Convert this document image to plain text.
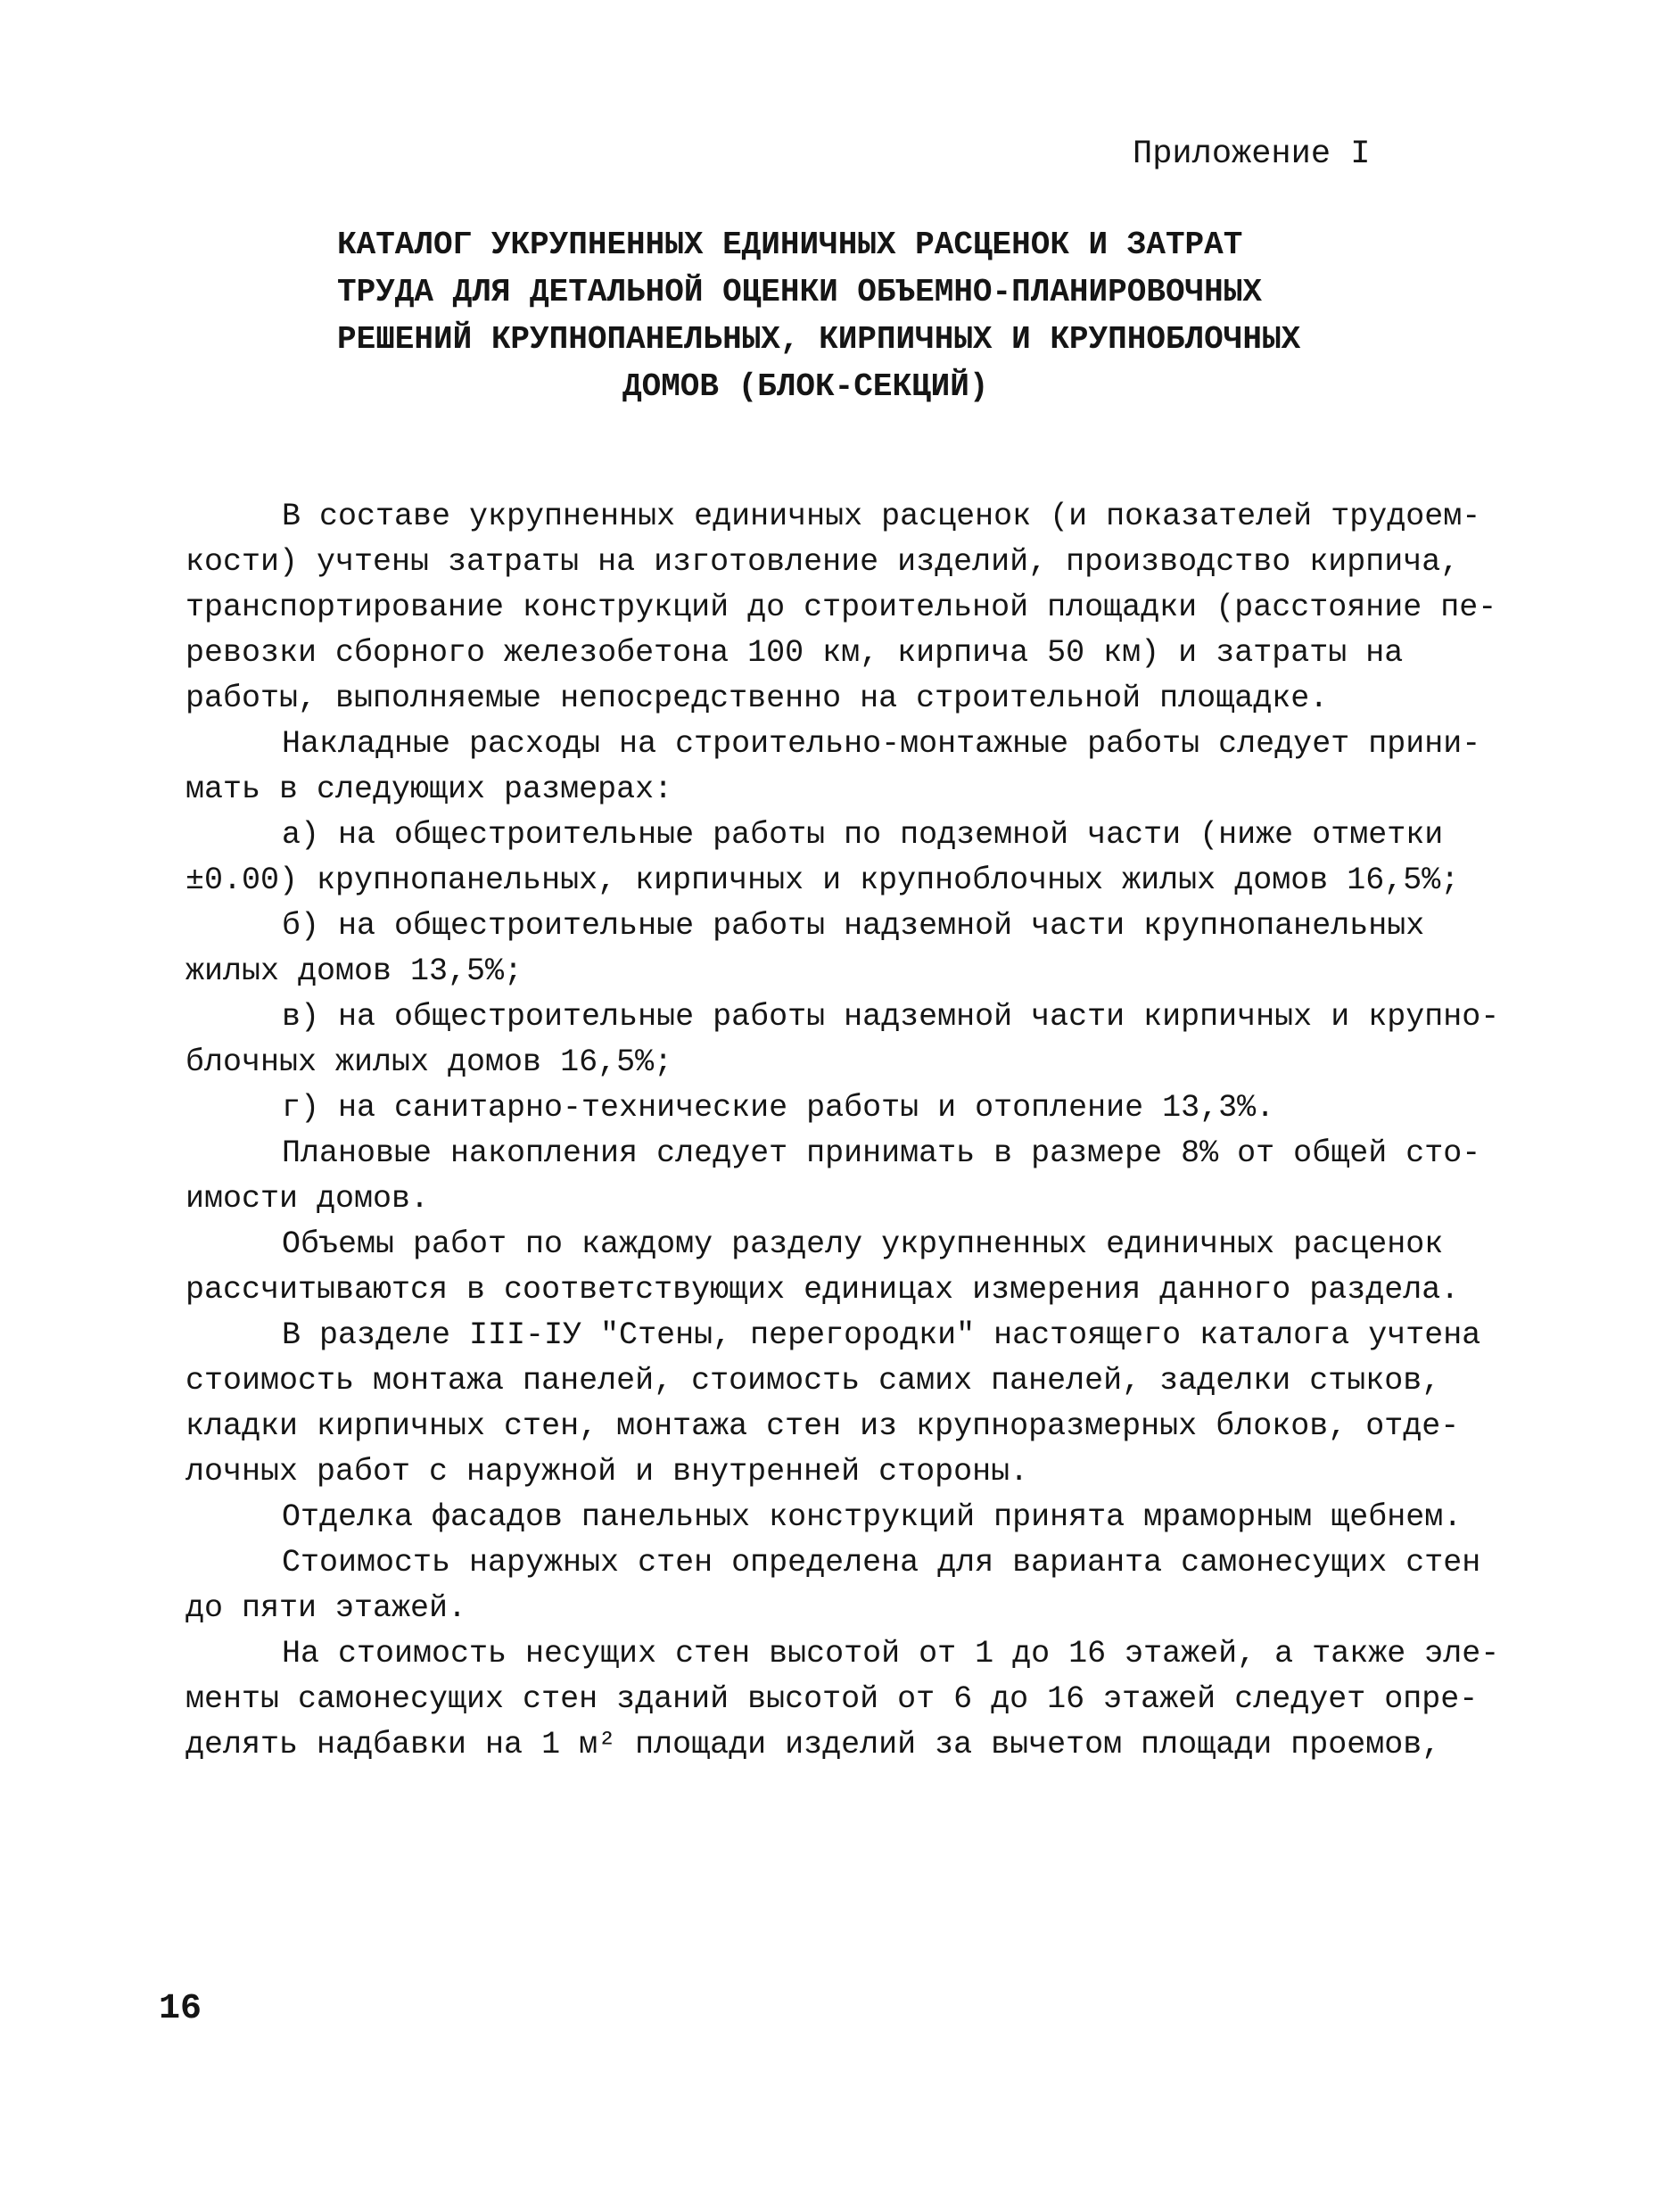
Приложение I
КАТАЛОГ УКРУПНЕННЫХ ЕДИНИЧНЫХ РАСЦЕНОК И ЗАТРАТ
ТРУДА ДЛЯ ДЕТАЛЬНОЙ ОЦЕНКИ ОБЪЕМНО-ПЛАНИРОВОЧНЫХ
РЕШЕНИЙ КРУПНОПАНЕЛЬНЫХ, КИРПИЧНЫХ И КРУПНОБЛОЧНЫХ
ДОМОВ (БЛОК-СЕКЦИЙ)
В составе укрупненных единичных расценок (и показателей трудоем-
кости) учтены затраты на изготовление изделий, производство кирпича,
транспортирование конструкций до строительной площадки (расстояние пе-
ревозки сборного железобетона 100 км, кирпича 50 км) и затраты на
работы, выполняемые непосредственно на строительной площадке.
Накладные расходы на строительно-монтажные работы следует прини-
мать в следующих размерах:
а) на общестроительные работы по подземной части (ниже отметки
±0.00) крупнопанельных, кирпичных и крупноблочных жилых домов 16,5%;
б) на общестроительные работы надземной части крупнопанельных
жилых домов 13,5%;
в) на общестроительные работы надземной части кирпичных и крупно-
блочных жилых домов 16,5%;
г) на санитарно-технические работы и отопление 13,3%.
Плановые накопления следует принимать в размере 8% от общей сто-
имости домов.
Объемы работ по каждому разделу укрупненных единичных расценок
рассчитываются в соответствующих единицах измерения данного раздела.
В разделе III-IУ "Стены, перегородки" настоящего каталога учтена
стоимость монтажа панелей, стоимость самих панелей, заделки стыков,
кладки кирпичных стен, монтажа стен из крупноразмерных блоков, отде-
лочных работ с наружной и внутренней стороны.
Отделка фасадов панельных конструкций принята мраморным щебнем.
Стоимость наружных стен определена для варианта самонесущих стен
до пяти этажей.
На стоимость несущих стен высотой от 1 до 16 этажей, а также эле-
менты самонесущих стен зданий высотой от 6 до 16 этажей следует опре-
делять надбавки на 1 м² площади изделий за вычетом площади проемов,
16
